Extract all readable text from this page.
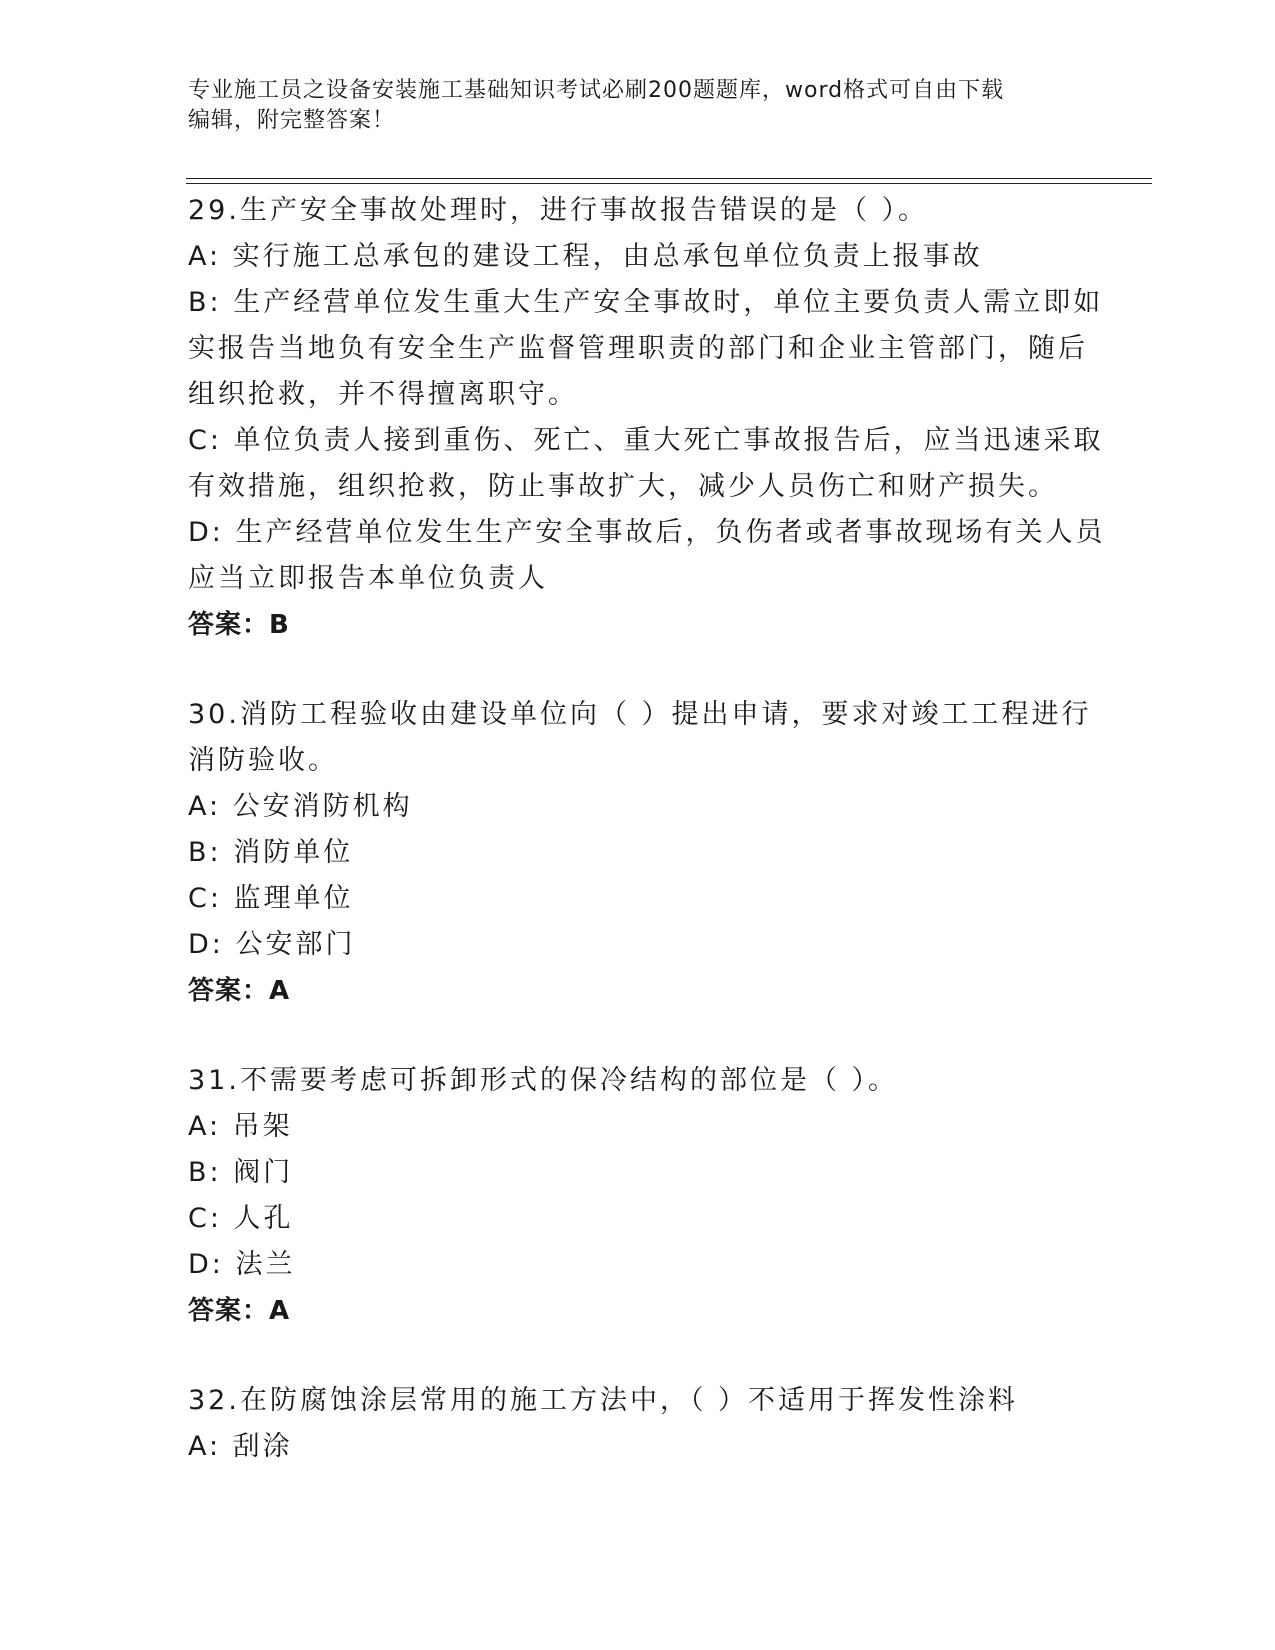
专业施工员之设备安装施工基础知识考试必刷200题题库，word格式可自由下载
编辑，附完整答案！
29.生产安全事故处理时，进行事故报告错误的是（ ）。
A: 实行施工总承包的建设工程，由总承包单位负责上报事故
B: 生产经营单位发生重大生产安全事故时，单位主要负责人需立即如
实报告当地负有安全生产监督管理职责的部门和企业主管部门，随后
组织抢救，并不得擅离职守。
C: 单位负责人接到重伤、死亡、重大死亡事故报告后，应当迅速采取
有效措施，组织抢救，防止事故扩大，减少人员伤亡和财产损失。
D: 生产经营单位发生生产安全事故后，负伤者或者事故现场有关人员
应当立即报告本单位负责人
答案：B
30.消防工程验收由建设单位向（ ）提出申请，要求对竣工工程进行
消防验收。
A: 公安消防机构
B: 消防单位
C: 监理单位
D: 公安部门
答案：A
31.不需要考虑可拆卸形式的保冷结构的部位是（ ）。
A: 吊架
B: 阀门
C: 人孔
D: 法兰
答案：A
32.在防腐蚀涂层常用的施工方法中，（ ）不适用于挥发性涂料
A: 刮涂
